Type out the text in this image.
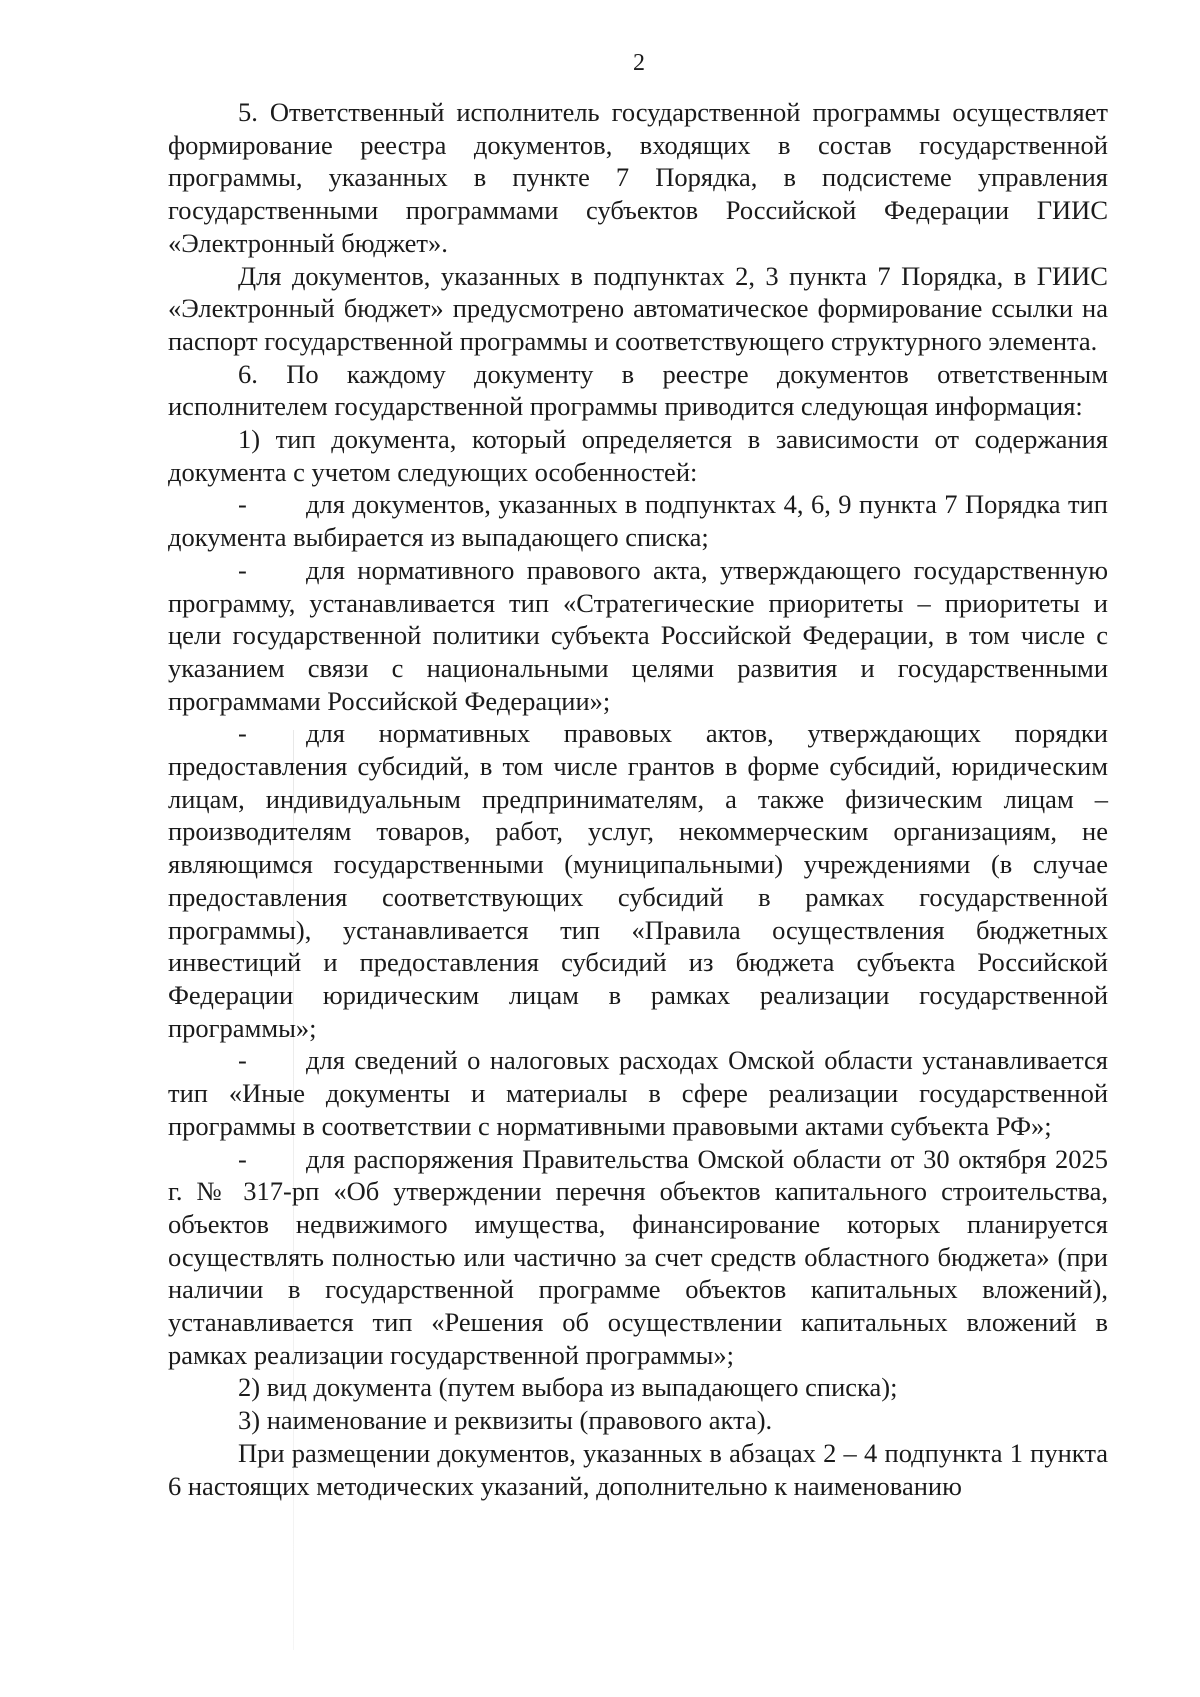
2

5. Ответственный исполнитель государственной программы осуществляет формирование реестра документов, входящих в состав государственной программы, указанных в пункте 7 Порядка, в подсистеме управления государственными программами субъектов Российской Федерации ГИИС «Электронный бюджет».

Для документов, указанных в подпунктах 2, 3 пункта 7 Порядка, в ГИИС «Электронный бюджет» предусмотрено автоматическое формирование ссылки на паспорт государственной программы и соответствующего структурного элемента.

6. По каждому документу в реестре документов ответственным исполнителем государственной программы приводится следующая информация:

1) тип документа, который определяется в зависимости от содержания документа с учетом следующих особенностей:

- для документов, указанных в подпунктах 4, 6, 9 пункта 7 Порядка тип документа выбирается из выпадающего списка;

- для нормативного правового акта, утверждающего государственную программу, устанавливается тип «Стратегические приоритеты – приоритеты и цели государственной политики субъекта Российской Федерации, в том числе с указанием связи с национальными целями развития и государственными программами Российской Федерации»;

- для нормативных правовых актов, утверждающих порядки предоставления субсидий, в том числе грантов в форме субсидий, юридическим лицам, индивидуальным предпринимателям, а также физическим лицам – производителям товаров, работ, услуг, некоммерческим организациям, не являющимся государственными (муниципальными) учреждениями (в случае предоставления соответствующих субсидий в рамках государственной программы), устанавливается тип «Правила осуществления бюджетных инвестиций и предоставления субсидий из бюджета субъекта Российской Федерации юридическим лицам в рамках реализации государственной программы»;

- для сведений о налоговых расходах Омской области устанавливается тип «Иные документы и материалы в сфере реализации государственной программы в соответствии с нормативными правовыми актами субъекта РФ»;

- для распоряжения Правительства Омской области от 30 октября 2025 г. № 317-рп «Об утверждении перечня объектов капитального строительства, объектов недвижимого имущества, финансирование которых планируется осуществлять полностью или частично за счет средств областного бюджета» (при наличии в государственной программе объектов капитальных вложений), устанавливается тип «Решения об осуществлении капитальных вложений в рамках реализации государственной программы»;

2) вид документа (путем выбора из выпадающего списка);

3) наименование и реквизиты (правового акта).

При размещении документов, указанных в абзацах 2 – 4 подпункта 1 пункта 6 настоящих методических указаний, дополнительно к наименованию
